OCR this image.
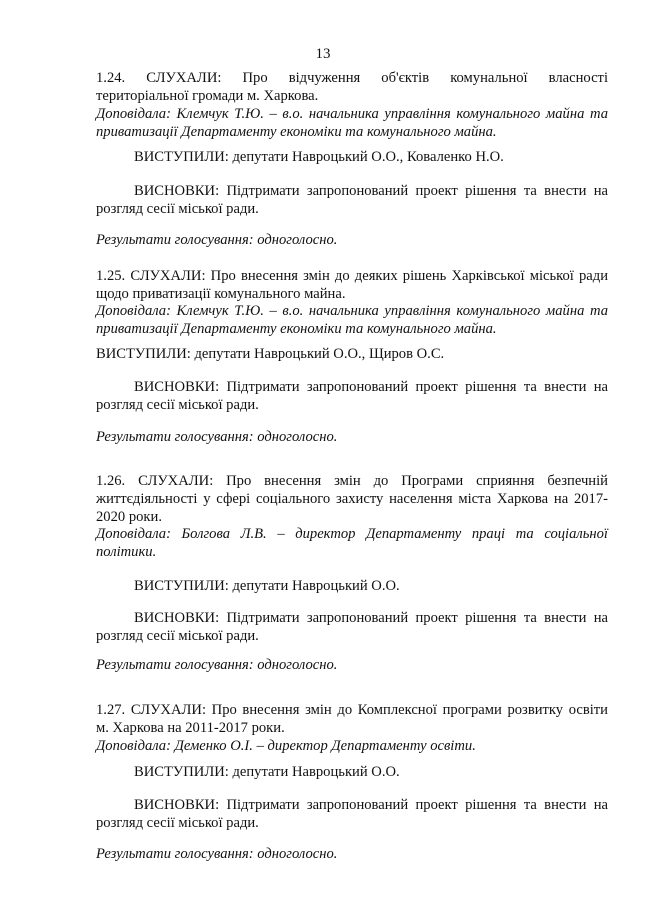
13

1.24. СЛУХАЛИ: Про відчуження об'єктів комунальної власності

територіальної громади м. Харкова.

Доповідала: Клемчук Т.Ю. – в.о. начальника управління комунального майна та

приватизації Департаменту економіки та комунального майна.

ВИСТУПИЛИ: депутати Навроцький О.О., Коваленко Н.О.

ВИСНОВКИ: Підтримати запропонований проект рішення та внести на

розгляд сесії міської ради.

Результати голосування: одноголосно.

1.25. СЛУХАЛИ: Про внесення змін до деяких рішень Харківської міської ради

щодо приватизації комунального майна.

Доповідала: Клемчук Т.Ю. – в.о. начальника управління комунального майна та

приватизації Департаменту економіки та комунального майна.

ВИСТУПИЛИ: депутати Навроцький О.О., Щиров О.С.

ВИСНОВКИ: Підтримати запропонований проект рішення та внести на

розгляд сесії міської ради.

Результати голосування: одноголосно.

1.26. СЛУХАЛИ: Про внесення змін до Програми сприяння безпечній

життєдіяльності у сфері соціального захисту населення міста Харкова на 2017-

2020 роки.

Доповідала: Болгова Л.В. – директор Департаменту праці та соціальної

політики.

ВИСТУПИЛИ: депутати Навроцький О.О.

ВИСНОВКИ: Підтримати запропонований проект рішення та внести на

розгляд сесії міської ради.

Результати голосування: одноголосно.

1.27. СЛУХАЛИ: Про внесення змін до Комплексної програми розвитку освіти

м. Харкова на 2011-2017 роки.

Доповідала: Деменко О.І. – директор Департаменту освіти.
ВИСТУПИЛИ: депутати Навроцький О.О.

ВИСНОВКИ: Підтримати запропонований проект рішення та внести на

розгляд сесії міської ради.

Результати голосування: одноголосно.
